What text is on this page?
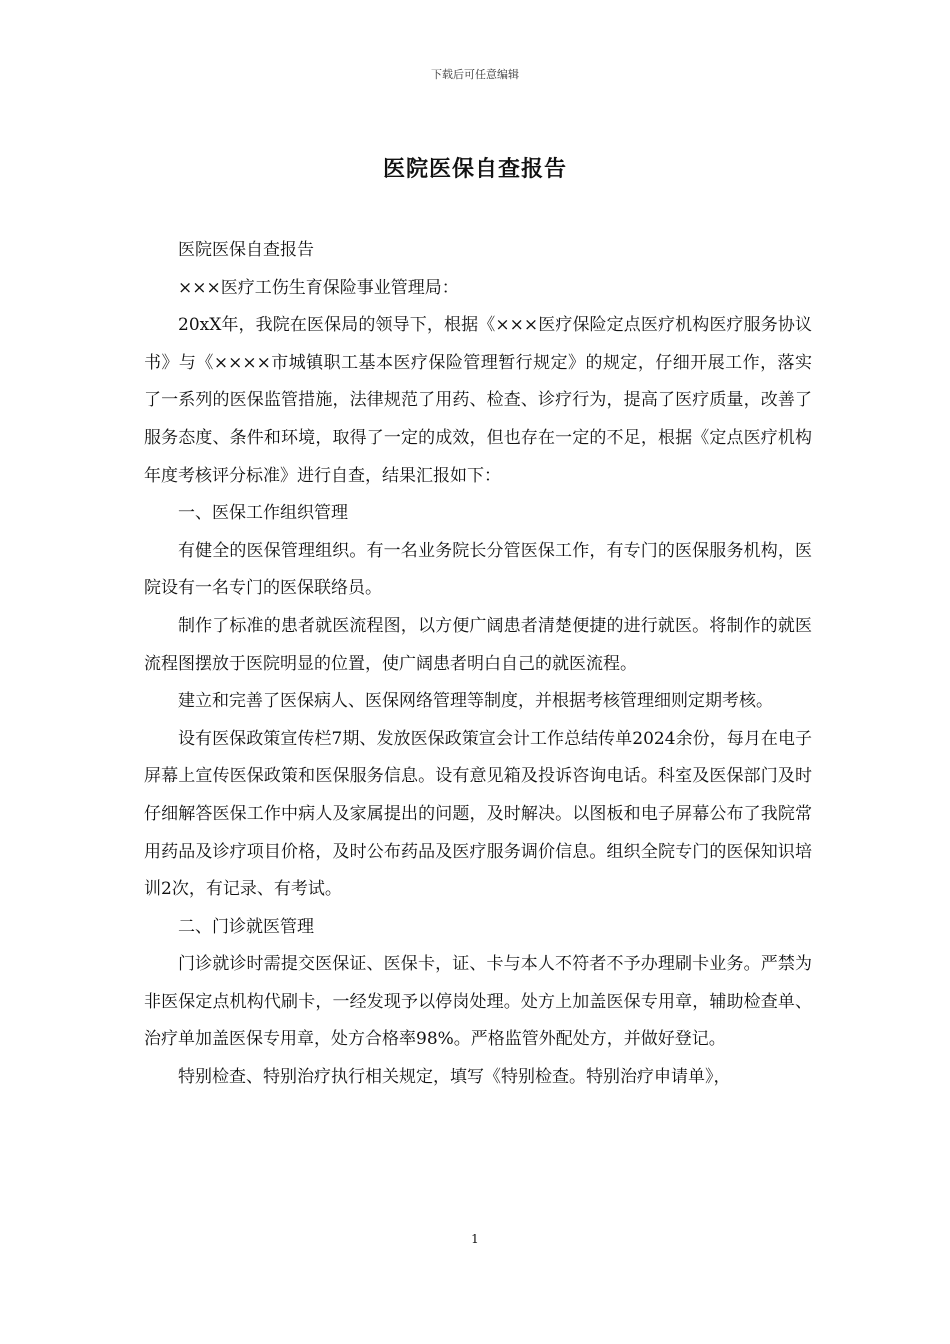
下载后可任意编辑
医院医保自查报告

医院医保自查报告

×××医疗工伤生育保险事业管理局：

20xX年，我院在医保局的领导下，根据《×××医疗保险定点医疗机构医疗服务协议书》与《××××市城镇职工基本医疗保险管理暂行规定》的规定，仔细开展工作，落实了一系列的医保监管措施，法律规范了用药、检查、诊疗行为，提高了医疗质量，改善了服务态度、条件和环境，取得了一定的成效，但也存在一定的不足，根据《定点医疗机构年度考核评分标准》进行自查，结果汇报如下：

一、医保工作组织管理

有健全的医保管理组织。有一名业务院长分管医保工作，有专门的医保服务机构，医院设有一名专门的医保联络员。

制作了标准的患者就医流程图，以方便广阔患者清楚便捷的进行就医。将制作的就医流程图摆放于医院明显的位置，使广阔患者明白自己的就医流程。

建立和完善了医保病人、医保网络管理等制度，并根据考核管理细则定期考核。

设有医保政策宣传栏7期、发放医保政策宣会计工作总结传单2024余份，每月在电子屏幕上宣传医保政策和医保服务信息。设有意见箱及投诉咨询电话。科室及医保部门及时仔细解答医保工作中病人及家属提出的问题，及时解决。以图板和电子屏幕公布了我院常用药品及诊疗项目价格，及时公布药品及医疗服务调价信息。组织全院专门的医保知识培训2次，有记录、有考试。

二、门诊就医管理

门诊就诊时需提交医保证、医保卡，证、卡与本人不符者不予办理刷卡业务。严禁为非医保定点机构代刷卡，一经发现予以停岗处理。处方上加盖医保专用章，辅助检查单、治疗单加盖医保专用章，处方合格率98%。严格监管外配处方，并做好登记。

特别检查、特别治疗执行相关规定，填写《特别检查。特别治疗申请单》，

1
